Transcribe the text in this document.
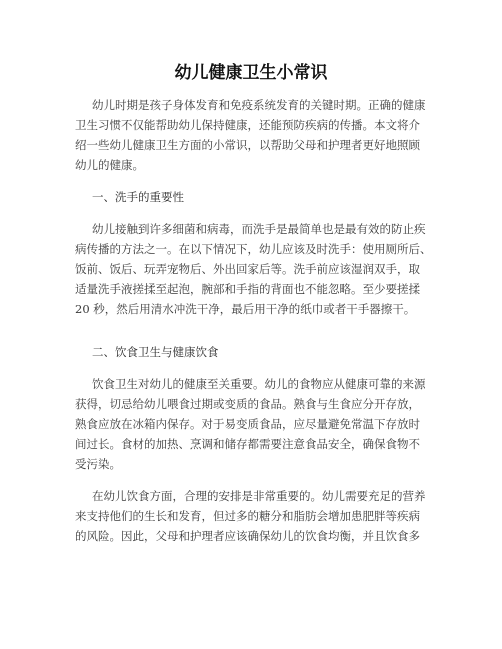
幼儿健康卫生小常识
幼儿时期是孩子身体发育和免疫系统发育的关键时期。正确的健康
卫生习惯不仅能帮助幼儿保持健康，还能预防疾病的传播。本文将介
绍一些幼儿健康卫生方面的小常识，以帮助父母和护理者更好地照顾
幼儿的健康。
一、洗手的重要性
幼儿接触到许多细菌和病毒，而洗手是最简单也是最有效的防止疾
病传播的方法之一。在以下情况下，幼儿应该及时洗手：使用厕所后、
饭前、饭后、玩弄宠物后、外出回家后等。洗手前应该湿润双手，取
适量洗手液搓揉至起泡，腕部和手指的背面也不能忽略。至少要搓揉
20 秒，然后用清水冲洗干净，最后用干净的纸巾或者干手器擦干。
二、饮食卫生与健康饮食
饮食卫生对幼儿的健康至关重要。幼儿的食物应从健康可靠的来源
获得，切忌给幼儿喂食过期或变质的食品。熟食与生食应分开存放，
熟食应放在冰箱内保存。对于易变质食品，应尽量避免常温下存放时
间过长。食材的加热、烹调和储存都需要注意食品安全，确保食物不
受污染。
在幼儿饮食方面，合理的安排是非常重要的。幼儿需要充足的营养
来支持他们的生长和发育，但过多的糖分和脂肪会增加患肥胖等疾病
的风险。因此，父母和护理者应该确保幼儿的饮食均衡，并且饮食多
